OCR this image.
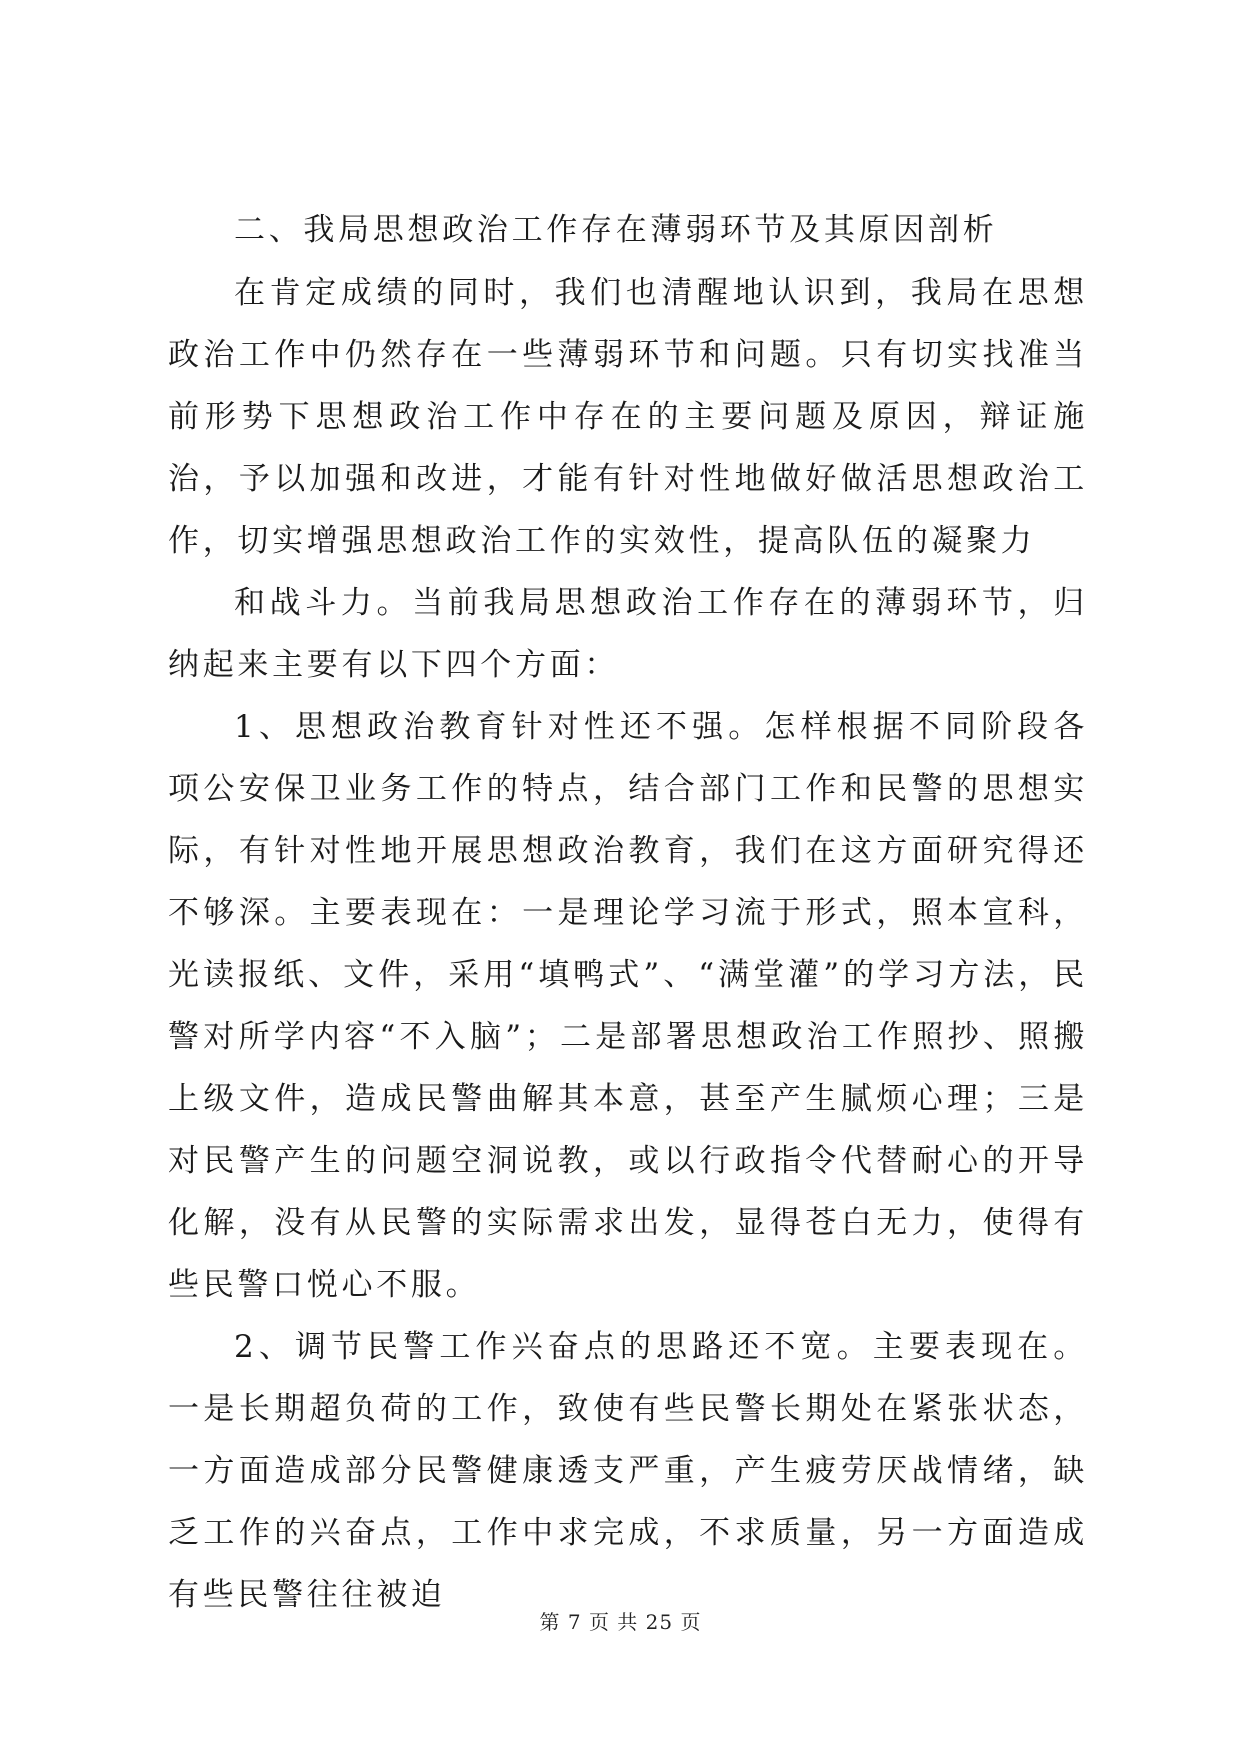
二、我局思想政治工作存在薄弱环节及其原因剖析

在肯定成绩的同时，我们也清醒地认识到，我局在思想政治工作中仍然存在一些薄弱环节和问题。只有切实找准当前形势下思想政治工作中存在的主要问题及原因，辩证施治，予以加强和改进，才能有针对性地做好做活思想政治工作，切实增强思想政治工作的实效性，提高队伍的凝聚力

和战斗力。当前我局思想政治工作存在的薄弱环节，归纳起来主要有以下四个方面：

1、思想政治教育针对性还不强。怎样根据不同阶段各项公安保卫业务工作的特点，结合部门工作和民警的思想实际，有针对性地开展思想政治教育，我们在这方面研究得还不够深。主要表现在：一是理论学习流于形式，照本宣科，光读报纸、文件，采用“填鸭式”、“满堂灌”的学习方法，民警对所学内容“不入脑”；二是部署思想政治工作照抄、照搬上级文件，造成民警曲解其本意，甚至产生腻烦心理；三是对民警产生的问题空洞说教，或以行政指令代替耐心的开导化解，没有从民警的实际需求出发，显得苍白无力，使得有些民警口悦心不服。

2、调节民警工作兴奋点的思路还不宽。主要表现在。一是长期超负荷的工作，致使有些民警长期处在紧张状态，一方面造成部分民警健康透支严重，产生疲劳厌战情绪，缺乏工作的兴奋点，工作中求完成，不求质量，另一方面造成有些民警往往被迫

第 7 页 共 25 页
